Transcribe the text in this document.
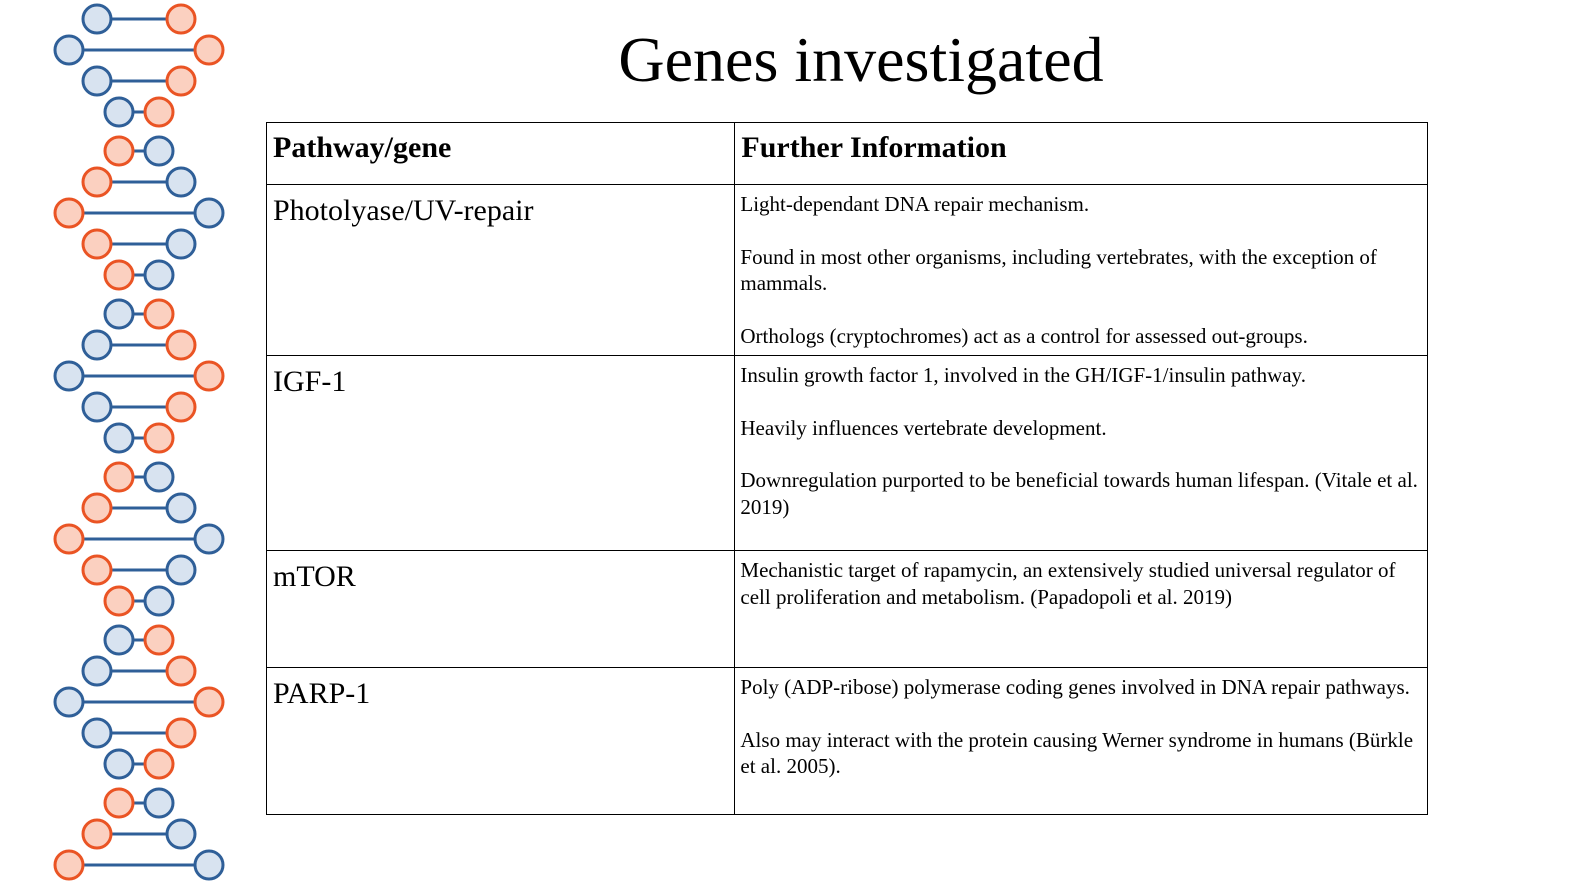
Genes investigated
Pathway/gene	Further Information

Photolyase/UV-repair	Light-dependant DNA repair mechanism.

Found in most other organisms, including vertebrates, with the exception of mammals.

Orthologs (cryptochromes) act as a control for assessed out-groups.

IGF-1	Insulin growth factor 1, involved in the GH/IGF-1/insulin pathway.

Heavily influences vertebrate development.

Downregulation purported to be beneficial towards human lifespan. (Vitale et al. 2019)

mTOR	Mechanistic target of rapamycin, an extensively studied universal regulator of cell proliferation and metabolism. (Papadopoli et al. 2019)

PARP-1	Poly (ADP-ribose) polymerase coding genes involved in DNA repair pathways.

Also may interact with the protein causing Werner syndrome in humans (Bürkle et al. 2005).
